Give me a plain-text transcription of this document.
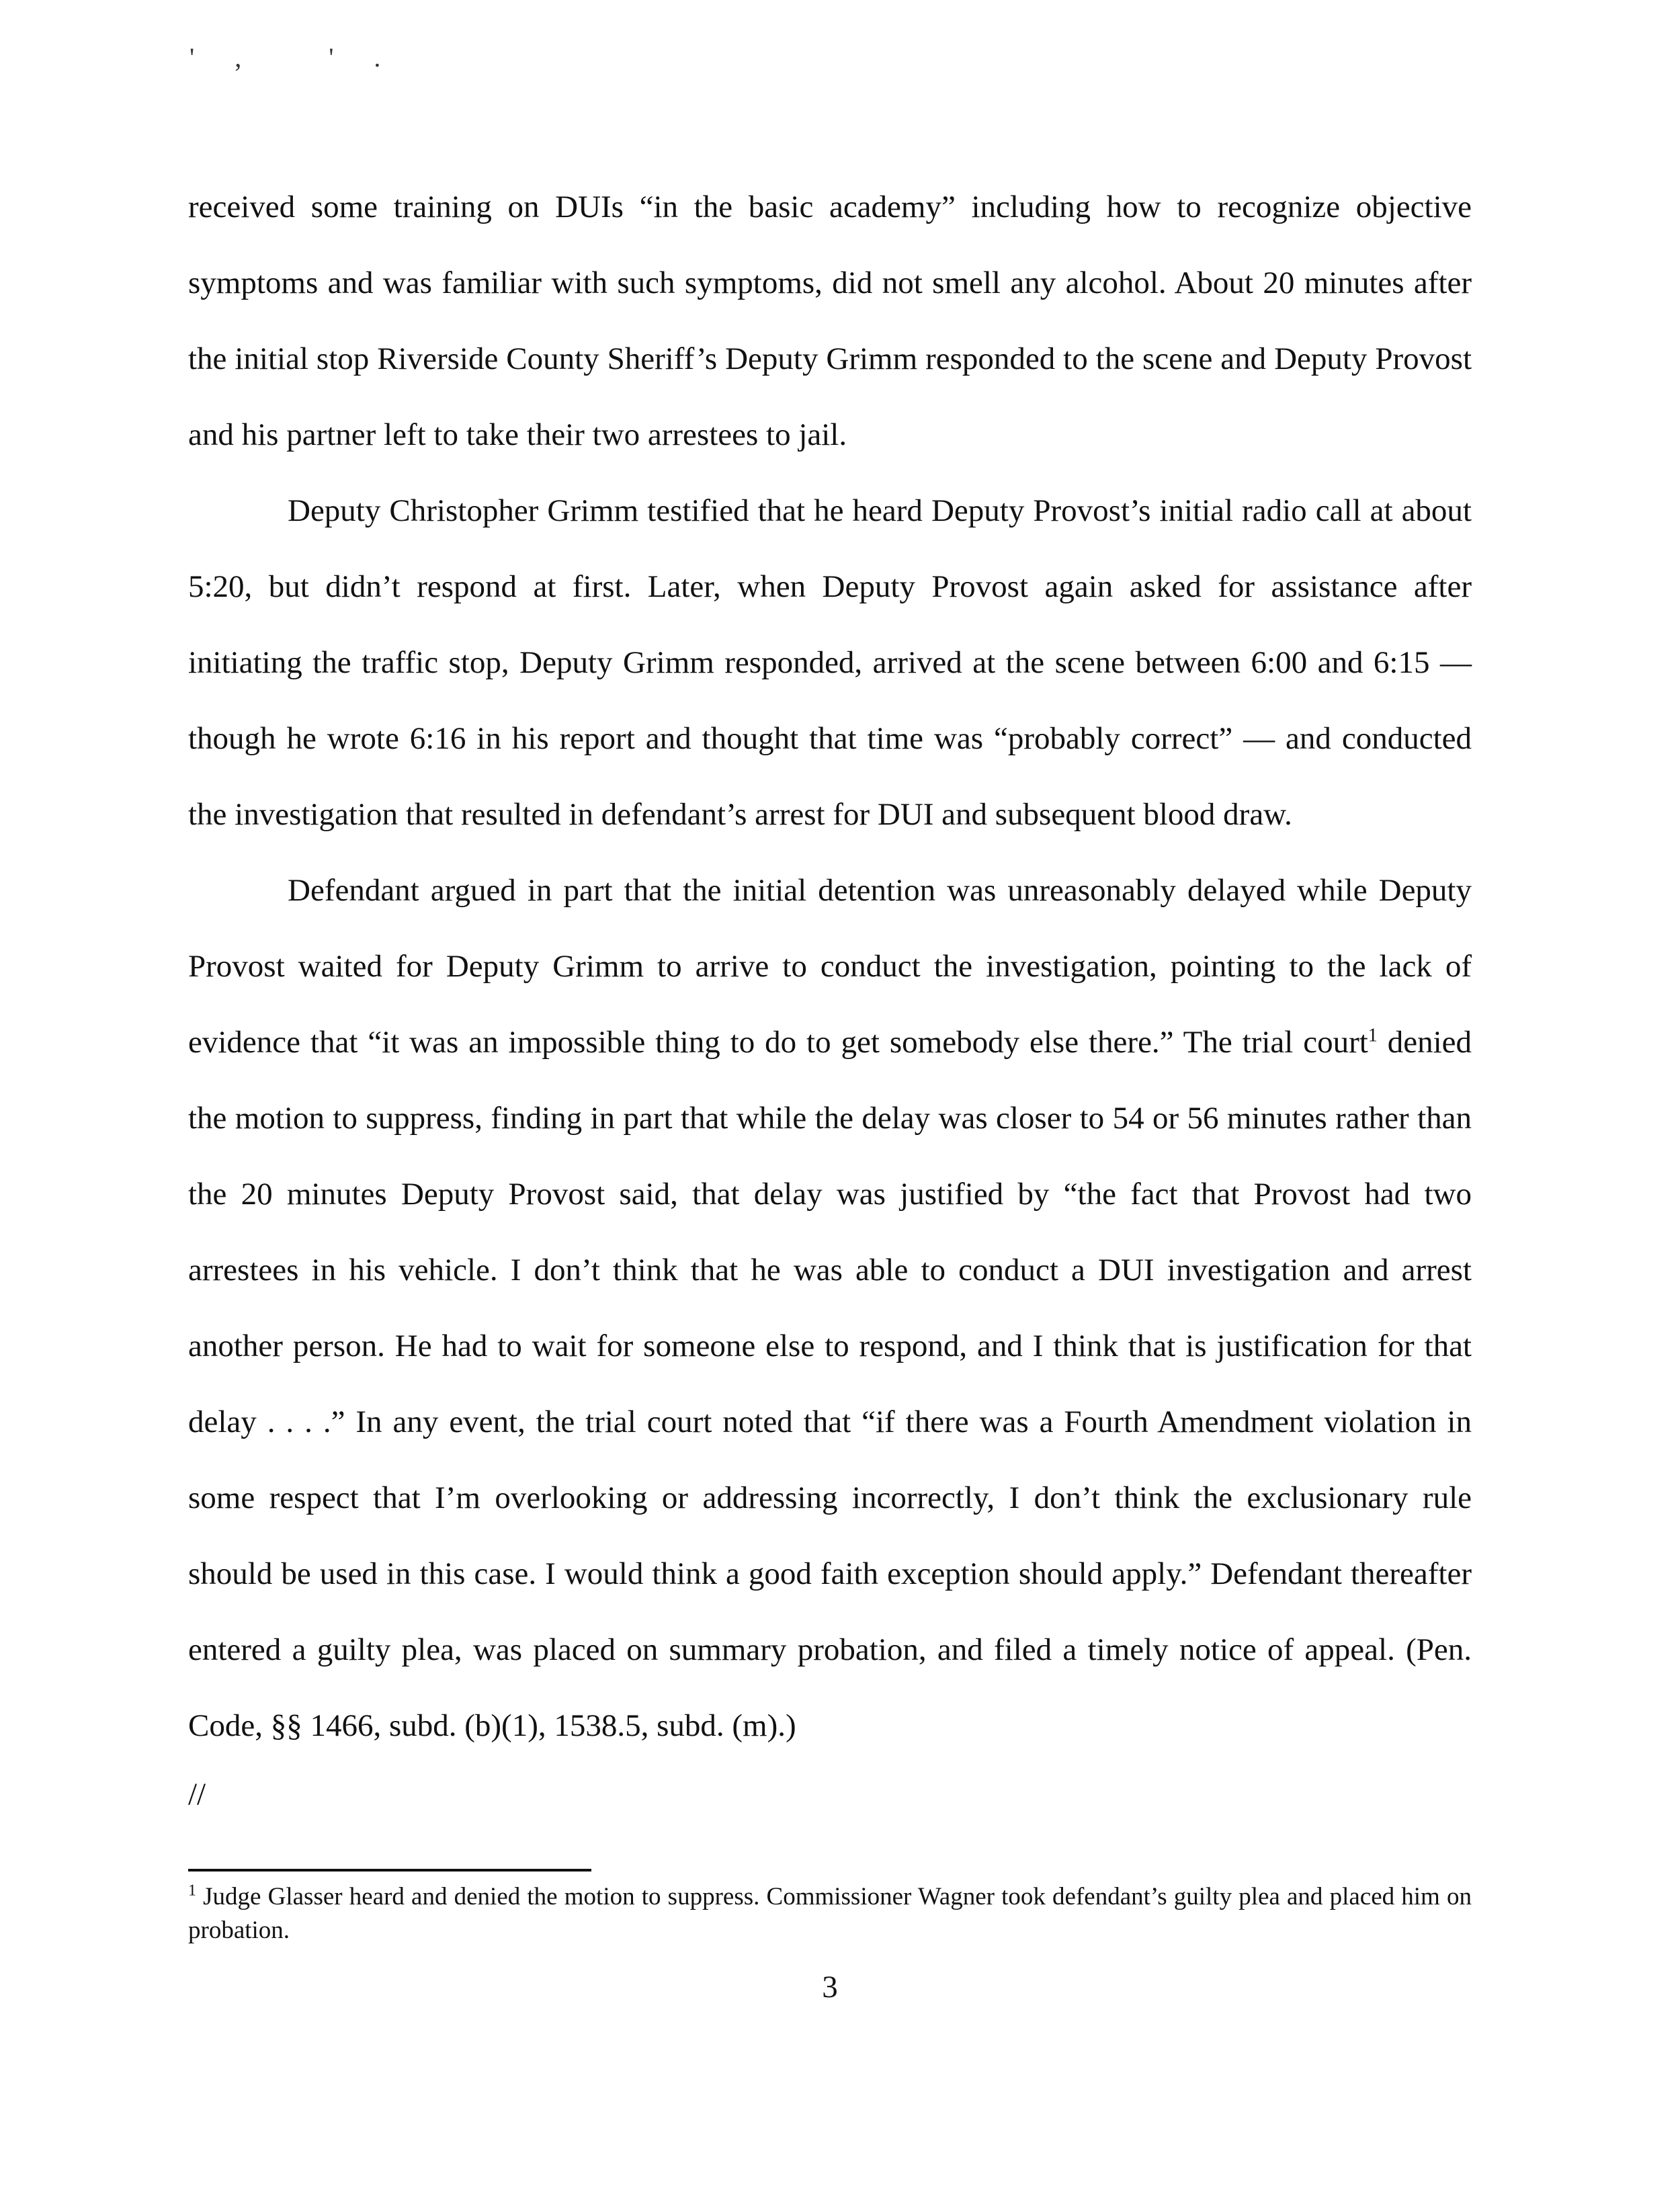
', '.

received some training on DUIs “in the basic academy” including how to recognize objective symptoms and was familiar with such symptoms, did not smell any alcohol. About 20 minutes after the initial stop Riverside County Sheriff’s Deputy Grimm responded to the scene and Deputy Provost and his partner left to take their two arrestees to jail.

Deputy Christopher Grimm testified that he heard Deputy Provost’s initial radio call at about 5:20, but didn’t respond at first. Later, when Deputy Provost again asked for assistance after initiating the traffic stop, Deputy Grimm responded, arrived at the scene between 6:00 and 6:15 — though he wrote 6:16 in his report and thought that time was “probably correct” — and conducted the investigation that resulted in defendant’s arrest for DUI and subsequent blood draw.

Defendant argued in part that the initial detention was unreasonably delayed while Deputy Provost waited for Deputy Grimm to arrive to conduct the investigation, pointing to the lack of evidence that “it was an impossible thing to do to get somebody else there.” The trial court$^1$ denied the motion to suppress, finding in part that while the delay was closer to 54 or 56 minutes rather than the 20 minutes Deputy Provost said, that delay was justified by “the fact that Provost had two arrestees in his vehicle. I don’t think that he was able to conduct a DUI investigation and arrest another person. He had to wait for someone else to respond, and I think that is justification for that delay . . . .” In any event, the trial court noted that “if there was a Fourth Amendment violation in some respect that I’m overlooking or addressing incorrectly, I don’t think the exclusionary rule should be used in this case. I would think a good faith exception should apply.” Defendant thereafter entered a guilty plea, was placed on summary probation, and filed a timely notice of appeal. (Pen. Code, §§ 1466, subd. (b)(1), 1538.5, subd. (m).)

//
$^1$ Judge Glasser heard and denied the motion to suppress. Commissioner Wagner took defendant’s guilty plea and placed him on probation.
3
